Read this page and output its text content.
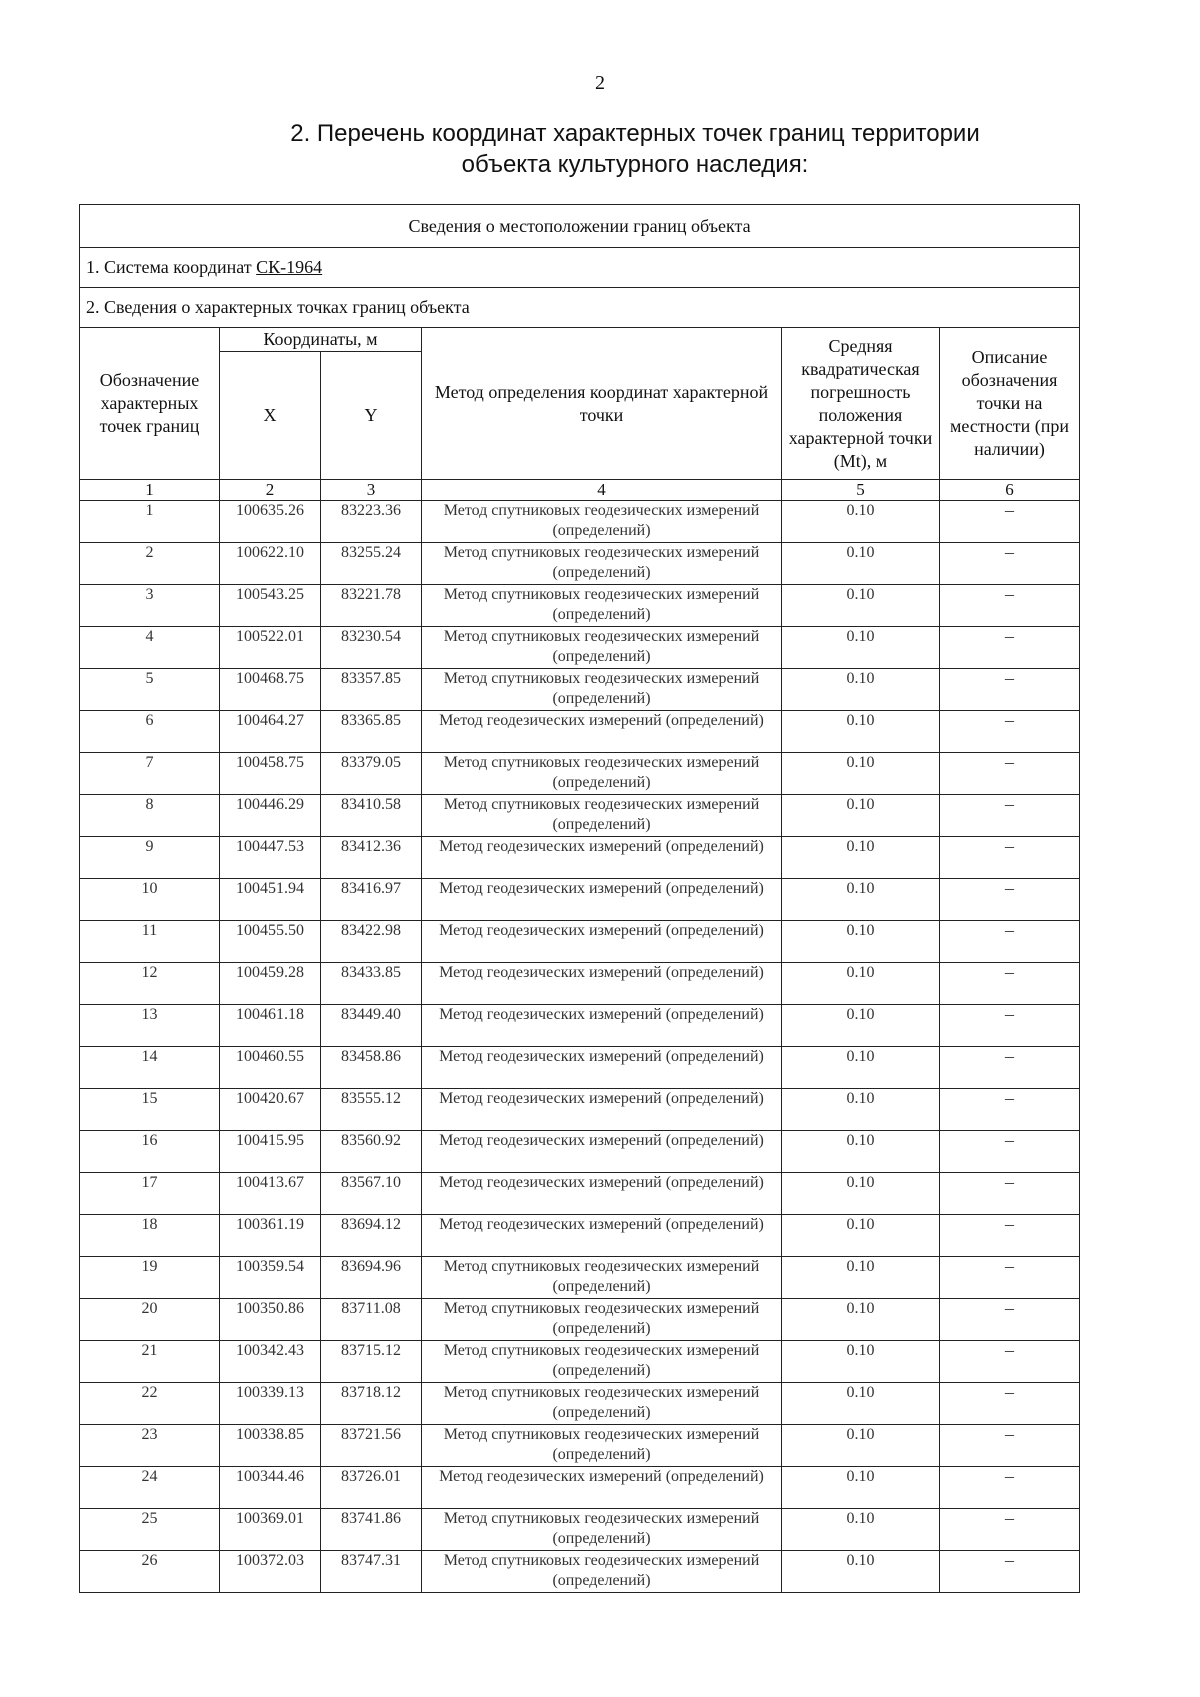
2
2. Перечень координат характерных точек границ территории
объекта культурного наследия:
Сведения о местоположении границ объекта					
1. Система координат СК-1964					
2. Сведения о характерных точках границ объекта					
Обозначение характерных точек границ	Координаты, м		Метод определения координат характерной точки	Средняя квадратическая погрешность положения характерной точки (Mt), м	Описание обозначения точки на местности (при наличии)
	X	Y			
1	2	3	4	5	6
1	100635.26	83223.36	Метод спутниковых геодезических измерений (определений)	0.10	–
2	100622.10	83255.24	Метод спутниковых геодезических измерений (определений)	0.10	–
3	100543.25	83221.78	Метод спутниковых геодезических измерений (определений)	0.10	–
4	100522.01	83230.54	Метод спутниковых геодезических измерений (определений)	0.10	–
5	100468.75	83357.85	Метод спутниковых геодезических измерений (определений)	0.10	–
6	100464.27	83365.85	Метод геодезических измерений (определений)	0.10	–
7	100458.75	83379.05	Метод спутниковых геодезических измерений (определений)	0.10	–
8	100446.29	83410.58	Метод спутниковых геодезических измерений (определений)	0.10	–
9	100447.53	83412.36	Метод геодезических измерений (определений)	0.10	–
10	100451.94	83416.97	Метод геодезических измерений (определений)	0.10	–
11	100455.50	83422.98	Метод геодезических измерений (определений)	0.10	–
12	100459.28	83433.85	Метод геодезических измерений (определений)	0.10	–
13	100461.18	83449.40	Метод геодезических измерений (определений)	0.10	–
14	100460.55	83458.86	Метод геодезических измерений (определений)	0.10	–
15	100420.67	83555.12	Метод геодезических измерений (определений)	0.10	–
16	100415.95	83560.92	Метод геодезических измерений (определений)	0.10	–
17	100413.67	83567.10	Метод геодезических измерений (определений)	0.10	–
18	100361.19	83694.12	Метод геодезических измерений (определений)	0.10	–
19	100359.54	83694.96	Метод спутниковых геодезических измерений (определений)	0.10	–
20	100350.86	83711.08	Метод спутниковых геодезических измерений (определений)	0.10	–
21	100342.43	83715.12	Метод спутниковых геодезических измерений (определений)	0.10	–
22	100339.13	83718.12	Метод спутниковых геодезических измерений (определений)	0.10	–
23	100338.85	83721.56	Метод спутниковых геодезических измерений (определений)	0.10	–
24	100344.46	83726.01	Метод геодезических измерений (определений)	0.10	–
25	100369.01	83741.86	Метод спутниковых геодезических измерений (определений)	0.10	–
26	100372.03	83747.31	Метод спутниковых геодезических измерений (определений)	0.10	–
